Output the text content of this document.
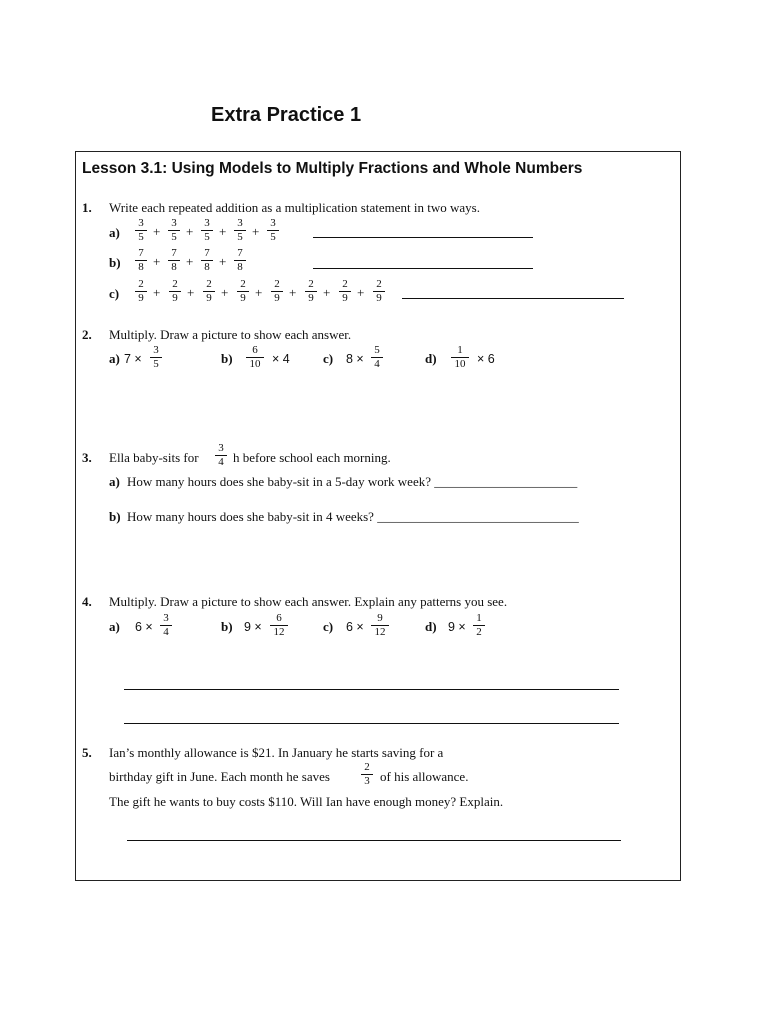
Extra Practice 1
Lesson 3.1: Using Models to Multiply Fractions and Whole Numbers
1. Write each repeated addition as a multiplication statement in two ways.
a)
b)
c)
2. Multiply. Draw a picture to show each answer.
a) 7 ×
3
5	b)
6
10 × 4	c) 8 ×
5
4	d)
1
10 × 6
3. Ella baby-sits for
3
4 h before school each morning.
a) How many hours does she baby-sit in a 5-day work week? ______________________
b) How many hours does she baby-sit in 4 weeks? _______________________________
4. Multiply. Draw a picture to show each answer. Explain any patterns you see.
a) 6 ×
3
4	b) 9 ×
6
12	c) 6 ×
9
12	d) 9 ×
1
2
5. Ian’s monthly allowance is $21. In January he starts saving for a
birthday gift in June. Each month he saves
2
3 of his allowance.
The gift he wants to buy costs $110. Will Ian have enough money? Explain.
3
5 +
3
5 +
3
5 +
3
5 +
3
5
7
8 +
7
8 +
7
8 +
7
8
2
9 +
2
9 +
2
9 +
2
9 +
2
9 +
2
9 +
2
9 +
2
9
